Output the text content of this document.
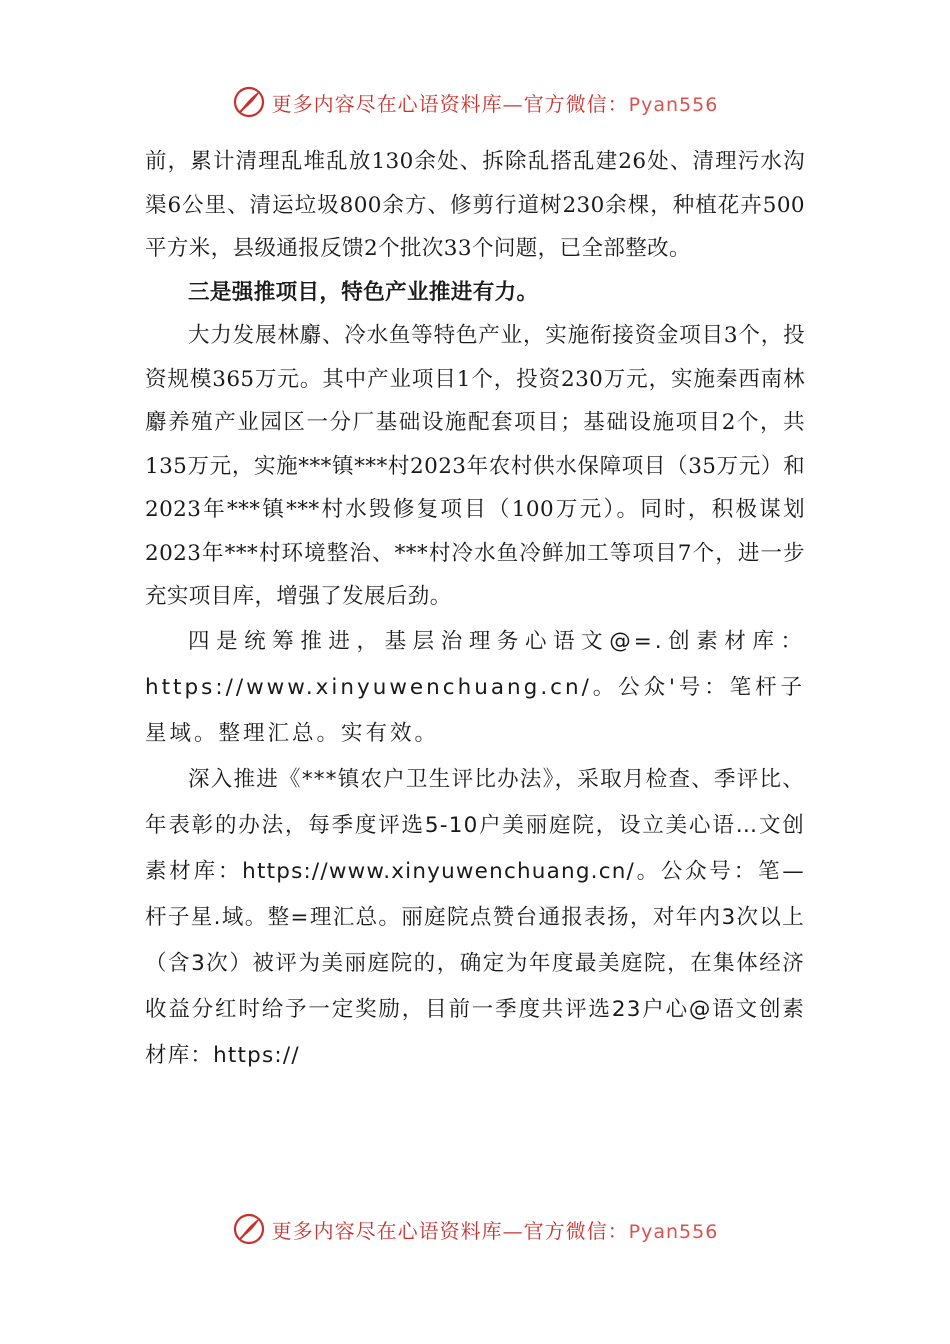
更多内容尽在心语资料库—官方微信：Pyan556

前，累计清理乱堆乱放130余处、拆除乱搭乱建26处、清理污水沟渠6公里、清运垃圾800余方、修剪行道树230余棵，种植花卉500平方米，县级通报反馈2个批次33个问题，已全部整改。

三是强推项目，特色产业推进有力。

大力发展林麝、冷水鱼等特色产业，实施衔接资金项目3个，投资规模365万元。其中产业项目1个，投资230万元，实施秦西南林麝养殖产业园区一分厂基础设施配套项目；基础设施项目2个，共135万元，实施***镇***村2023年农村供水保障项目（35万元）和2023年***镇***村水毁修复项目（100万元）。同时，积极谋划2023年***村环境整治、***村冷水鱼冷鲜加工等项目7个，进一步充实项目库，增强了发展后劲。

四是统筹推进，基层治理务心语文@=.创素材库：https://www.xinyuwenchuang.cn/。公众'号：笔杆子星域。整理汇总。实有效。

深入推进《***镇农户卫生评比办法》，采取月检查、季评比、年表彰的办法，每季度评选5-10户美丽庭院，设立美心语…文创素材库：https://www.xinyuwenchuang.cn/。公众号：笔—杆子星.域。整=理汇总。丽庭院点赞台通报表扬，对年内3次以上（含3次）被评为美丽庭院的，确定为年度最美庭院，在集体经济收益分红时给予一定奖励，目前一季度共评选23户心@语文创素材库：https://

更多内容尽在心语资料库—官方微信：Pyan556
